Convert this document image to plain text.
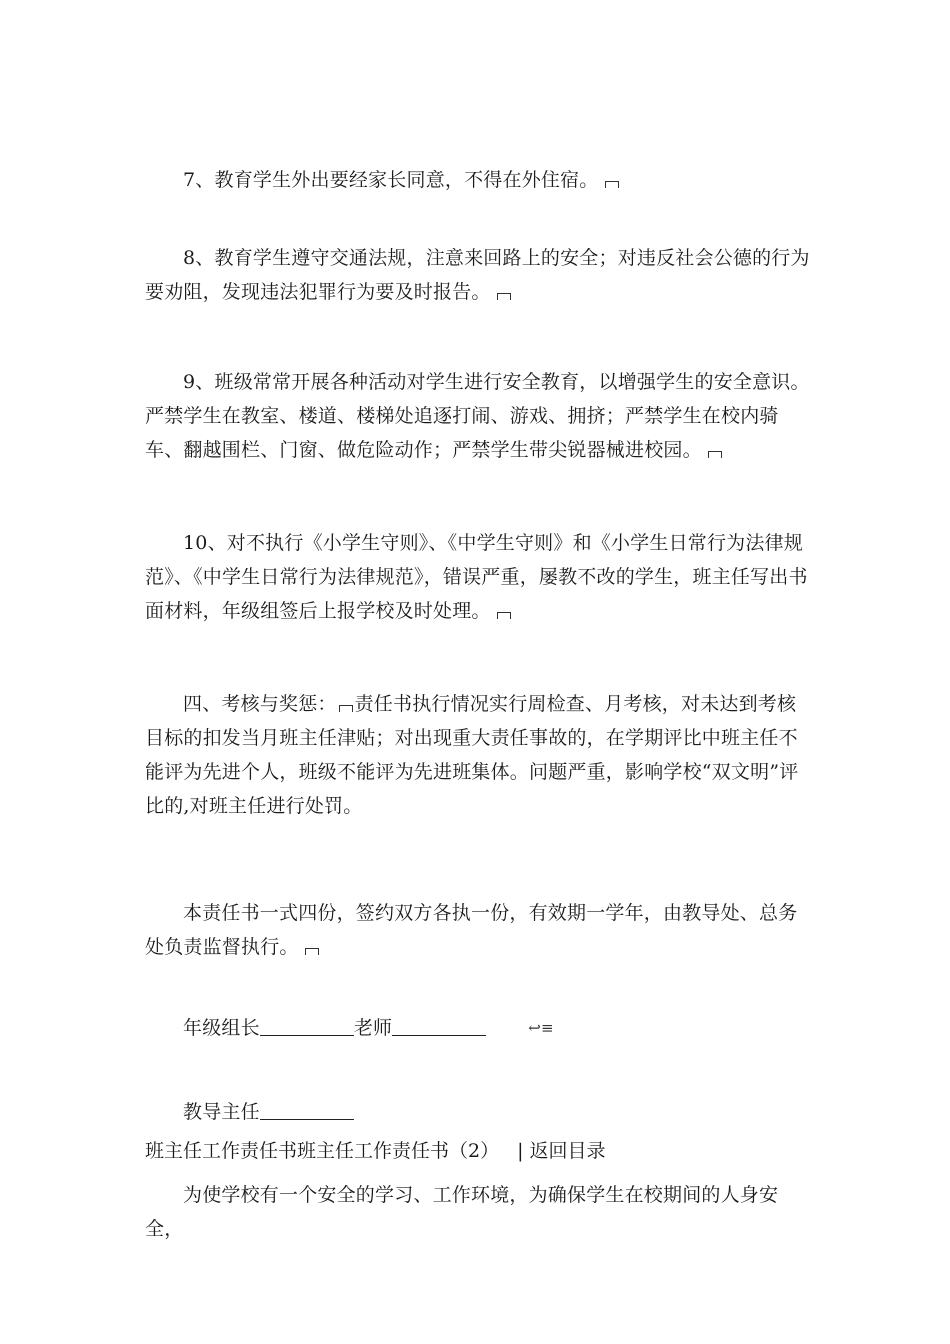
7、教育学生外出要经家长同意，不得在外住宿。

8、教育学生遵守交通法规，注意来回路上的安全；对违反社会公德的行为要劝阻，发现违法犯罪行为要及时报告。

9、班级常常开展各种活动对学生进行安全教育，以增强学生的安全意识。严禁学生在教室、楼道、楼梯处追逐打闹、游戏、拥挤；严禁学生在校内骑车、翻越围栏、门窗、做危险动作；严禁学生带尖锐器械进校园。

10、对不执行《小学生守则》、《中学生守则》和《小学生日常行为法律规范》、《中学生日常行为法律规范》，错误严重，屡教不改的学生，班主任写出书面材料，年级组签后上报学校及时处理。

四、考核与奖惩： 责任书执行情况实行周检查、月考核，对未达到考核目标的扣发当月班主任津贴；对出现重大责任事故的，在学期评比中班主任不能评为先进个人，班级不能评为先进班集体。问题严重，影响学校“双文明”评比的,对班主任进行处罚。

本责任书一式四份，签约双方各执一份，有效期一学年，由教导处、总务处负责监督执行。

年级组长	老师	↩≡

教导主任

班主任工作责任书班主任工作责任书（2） | 返回目录

为使学校有一个安全的学习、工作环境，为确保学生在校期间的人身安全，
